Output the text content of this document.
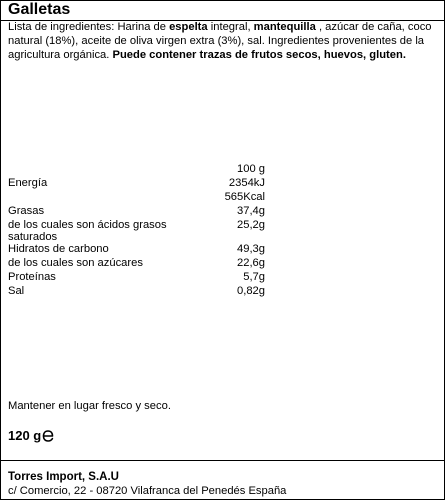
Galletas
Lista de ingredientes: Harina de espelta integral, mantequilla , azúcar de caña, coco natural (18%), aceite de oliva virgen extra (3%), sal. Ingredientes provenientes de la agricultura orgánica. Puede contener trazas de frutos secos, huevos, gluten.
100 g
Energía	2354kJ
565Kcal
Grasas	37,4g
de los cuales son ácidos grasos	25,2g
saturados
Hidratos de carbono	49,3g
de los cuales son azúcares	22,6g
Proteínas	5,7g
Sal	0,82g
Mantener en lugar fresco y seco.
120 g
Torres Import, S.A.U
c/ Comercio, 22 - 08720 Vilafranca del Penedés España
